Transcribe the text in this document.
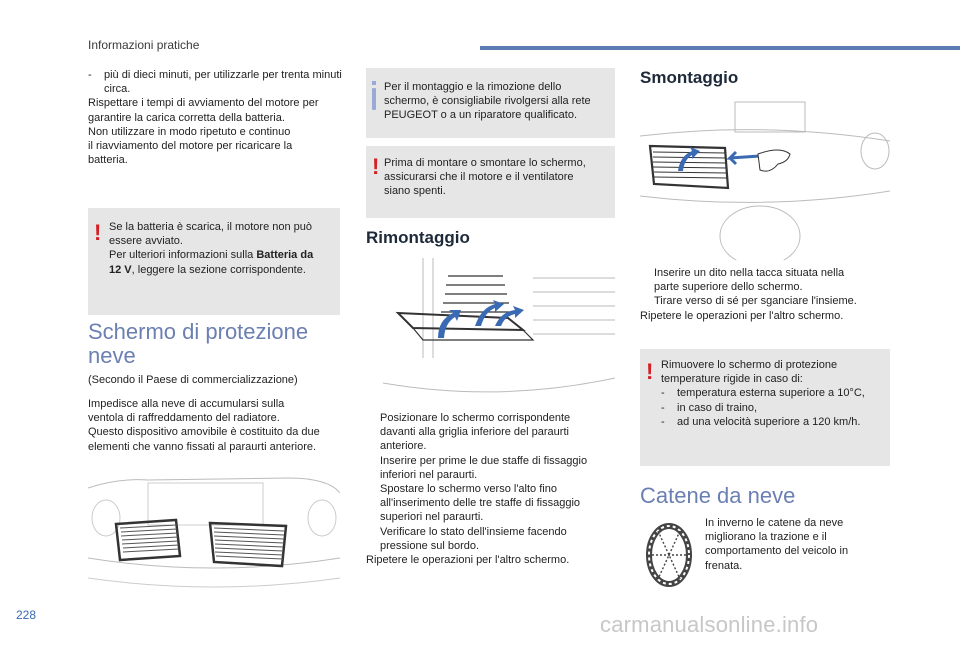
Informazioni pratiche
-	più di dieci minuti, per utilizzarle per trenta minuti circa.
Rispettare i tempi di avviamento del motore per
garantire la carica corretta della batteria.
Non utilizzare in modo ripetuto e continuo
il riavviamento del motore per ricaricare la
batteria.
! Se la batteria è scarica, il motore non può
essere avviato.
Per ulteriori informazioni sulla Batteria da
12 V, leggere la sezione corrispondente.
Schermo di protezione
neve
(Secondo il Paese di commercializzazione)
Impedisce alla neve di accumularsi sulla
ventola di raffreddamento del radiatore.
Questo dispositivo amovibile è costituito da due
elementi che vanno fissati al paraurti anteriore.
Per il montaggio e la rimozione dello
schermo, è consigliabile rivolgersi alla rete
PEUGEOT o a un riparatore qualificato.
! Prima di montare o smontare lo schermo,
assicurarsi che il motore e il ventilatore
siano spenti.
Rimontaggio
Posizionare lo schermo corrispondente
davanti alla griglia inferiore del paraurti
anteriore.
Inserire per prime le due staffe di fissaggio
inferiori nel paraurti.
Spostare lo schermo verso l'alto fino
all'inserimento delle tre staffe di fissaggio
superiori nel paraurti.
Verificare lo stato dell'insieme facendo
pressione sul bordo.
Ripetere le operazioni per l'altro schermo.
Smontaggio
Inserire un dito nella tacca situata nella
parte superiore dello schermo.
Tirare verso di sé per sganciare l'insieme.
Ripetere le operazioni per l'altro schermo.
! Rimuovere lo schermo di protezione
temperature rigide in caso di:
-	temperatura esterna superiore a 10°C,
-	in caso di traino,
-	ad una velocità superiore a 120 km/h.
Catene da neve
In inverno le catene da neve
migliorano la trazione e il
comportamento del veicolo in
frenata.
228	carmanualsonline.info
